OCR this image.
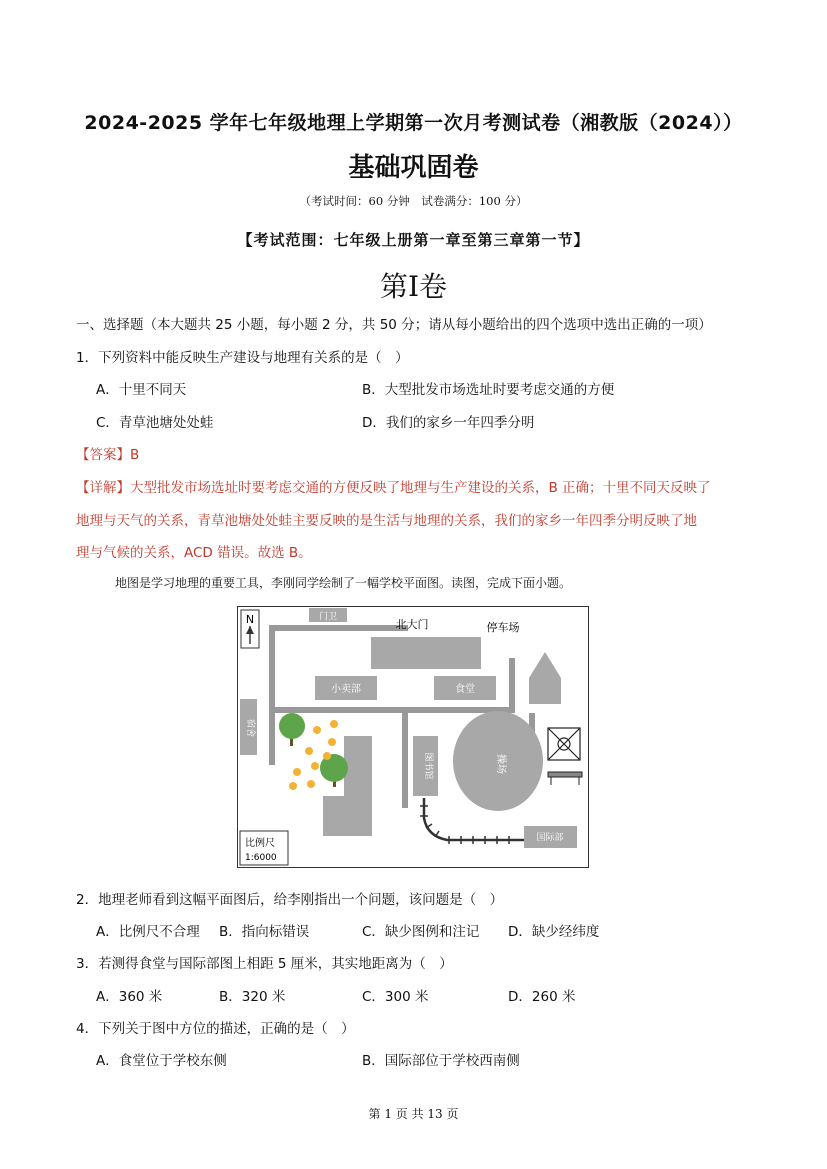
2024-2025 学年七年级地理上学期第一次月考测试卷（湘教版（2024））
基础巩固卷
（考试时间：60 分钟　试卷满分：100 分）
【考试范围：七年级上册第一章至第三章第一节】
第I卷
一、选择题（本大题共 25 小题，每小题 2 分，共 50 分；请从每小题给出的四个选项中选出正确的一项）
1．下列资料中能反映生产建设与地理有关系的是（　）
A．十里不同天	B．大型批发市场选址时要考虑交通的方便
C．青草池塘处处蛙	D．我们的家乡一年四季分明
【答案】B
【详解】大型批发市场选址时要考虑交通的方便反映了地理与生产建设的关系，B 正确；十里不同天反映了
地理与天气的关系，青草池塘处处蛙主要反映的是生活与地理的关系，我们的家乡一年四季分明反映了地
理与气候的关系，ACD 错误。故选 B。
地图是学习地理的重要工具，李刚同学绘制了一幅学校平面图。读图，完成下面小题。
N
比例尺
1:6000
门卫
北大门	停车场
小卖部	食堂
宿舍
图书馆	操场
国际部
2．地理老师看到这幅平面图后，给李刚指出一个问题，该问题是（　）
A．比例尺不合理 B．指向标错误	C．缺少图例和注记 D．缺少经纬度
3．若测得食堂与国际部图上相距 5 厘米，其实地距离为（　）
A．360 米	B．320 米	C．300 米	D．260 米
4．下列关于图中方位的描述，正确的是（　）
A．食堂位于学校东侧	B．国际部位于学校西南侧
第 1 页 共 13 页
